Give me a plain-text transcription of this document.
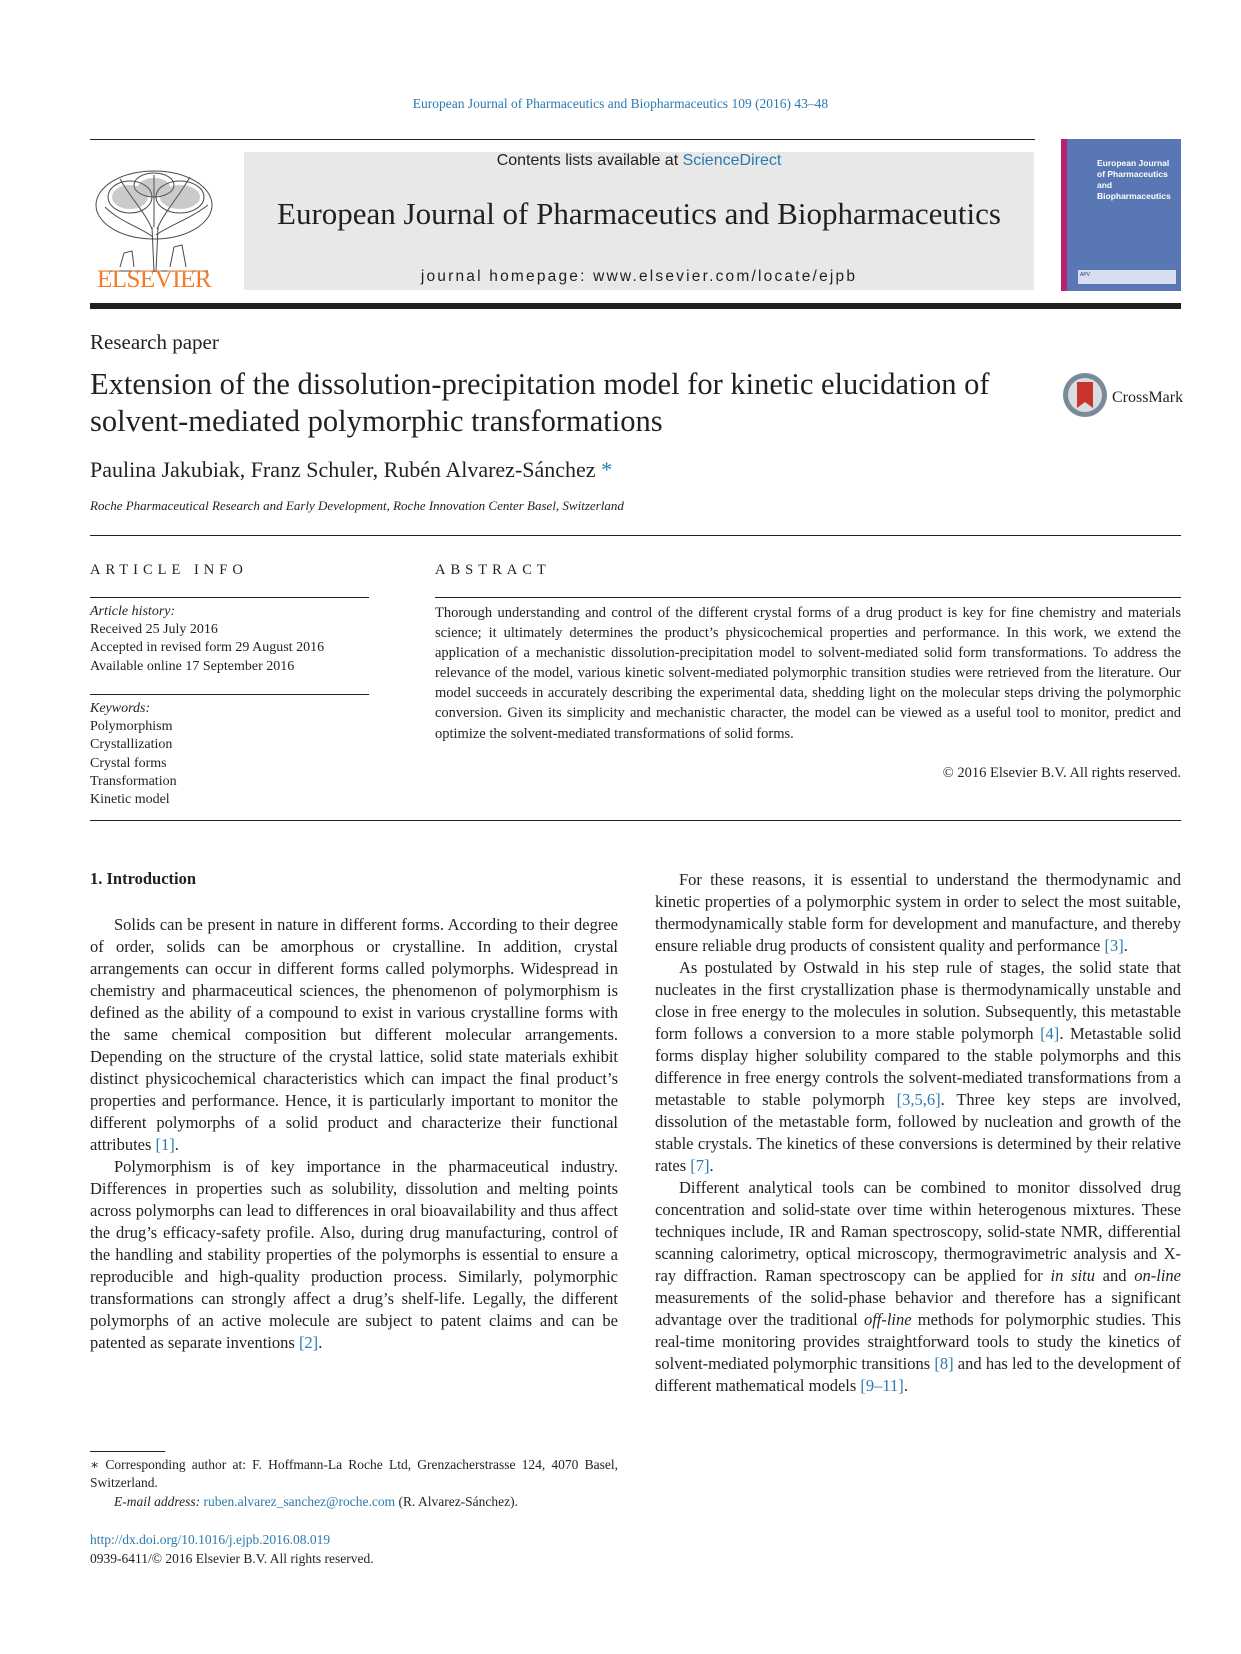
European Journal of Pharmaceutics and Biopharmaceutics 109 (2016) 43–48
ELSEVIER
Contents lists available at ScienceDirect
European Journal of Pharmaceutics and Biopharmaceutics
journal homepage: www.elsevier.com/locate/ejpb
European Journal of Pharmaceutics and Biopharmaceutics
APV
Research paper
Extension of the dissolution-precipitation model for kinetic elucidation of solvent-mediated polymorphic transformations
CrossMark
Paulina Jakubiak, Franz Schuler, Rubén Alvarez-Sánchez *
Roche Pharmaceutical Research and Early Development, Roche Innovation Center Basel, Switzerland
ARTICLE INFO	ABSTRACT
Article history:
Received 25 July 2016
Accepted in revised form 29 August 2016
Available online 17 September 2016
Keywords:
Polymorphism
Crystallization
Crystal forms
Transformation
Kinetic model
Thorough understanding and control of the different crystal forms of a drug product is key for fine chemistry and materials science; it ultimately determines the product’s physicochemical properties and performance. In this work, we extend the application of a mechanistic dissolution-precipitation model to solvent-mediated solid form transformations. To address the relevance of the model, various kinetic solvent-mediated polymorphic transition studies were retrieved from the literature. Our model succeeds in accurately describing the experimental data, shedding light on the molecular steps driving the polymorphic conversion. Given its simplicity and mechanistic character, the model can be viewed as a useful tool to monitor, predict and optimize the solvent-mediated transformations of solid forms.
© 2016 Elsevier B.V. All rights reserved.
1. Introduction

Solids can be present in nature in different forms. According to their degree of order, solids can be amorphous or crystalline. In addition, crystal arrangements can occur in different forms called polymorphs. Widespread in chemistry and pharmaceutical sciences, the phenomenon of polymorphism is defined as the ability of a compound to exist in various crystalline forms with the same chemical composition but different molecular arrangements. Depending on the structure of the crystal lattice, solid state materials exhibit distinct physicochemical characteristics which can impact the final product’s properties and performance. Hence, it is particularly important to monitor the different polymorphs of a solid product and characterize their functional attributes [1].

Polymorphism is of key importance in the pharmaceutical industry. Differences in properties such as solubility, dissolution and melting points across polymorphs can lead to differences in oral bioavailability and thus affect the drug’s efficacy-safety profile. Also, during drug manufacturing, control of the handling and stability properties of the polymorphs is essential to ensure a reproducible and high-quality production process. Similarly, polymorphic transformations can strongly affect a drug’s shelf-life. Legally, the different polymorphs of an active molecule are subject to patent claims and can be patented as separate inventions [2].

For these reasons, it is essential to understand the thermodynamic and kinetic properties of a polymorphic system in order to select the most suitable, thermodynamically stable form for development and manufacture, and thereby ensure reliable drug products of consistent quality and performance [3].

As postulated by Ostwald in his step rule of stages, the solid state that nucleates in the first crystallization phase is thermodynamically unstable and close in free energy to the molecules in solution. Subsequently, this metastable form follows a conversion to a more stable polymorph [4]. Metastable solid forms display higher solubility compared to the stable polymorphs and this difference in free energy controls the solvent-mediated transformations from a metastable to stable polymorph [3,5,6]. Three key steps are involved, dissolution of the metastable form, followed by nucleation and growth of the stable crystals. The kinetics of these conversions is determined by their relative rates [7].

Different analytical tools can be combined to monitor dissolved drug concentration and solid-state over time within heterogenous mixtures. These techniques include, IR and Raman spectroscopy, solid-state NMR, differential scanning calorimetry, optical microscopy, thermogravimetric analysis and X-ray diffraction. Raman spectroscopy can be applied for in situ and on-line measurements of the solid-phase behavior and therefore has a significant advantage over the traditional off-line methods for polymorphic studies. This real-time monitoring provides straightforward tools to study the kinetics of solvent-mediated polymorphic transitions [8] and has led to the development of different mathematical models [9–11].

∗ Corresponding author at: F. Hoffmann-La Roche Ltd, Grenzacherstrasse 124, 4070 Basel, Switzerland.
E-mail address: ruben.alvarez_sanchez@roche.com (R. Alvarez-Sánchez).
http://dx.doi.org/10.1016/j.ejpb.2016.08.019
0939-6411/© 2016 Elsevier B.V. All rights reserved.
